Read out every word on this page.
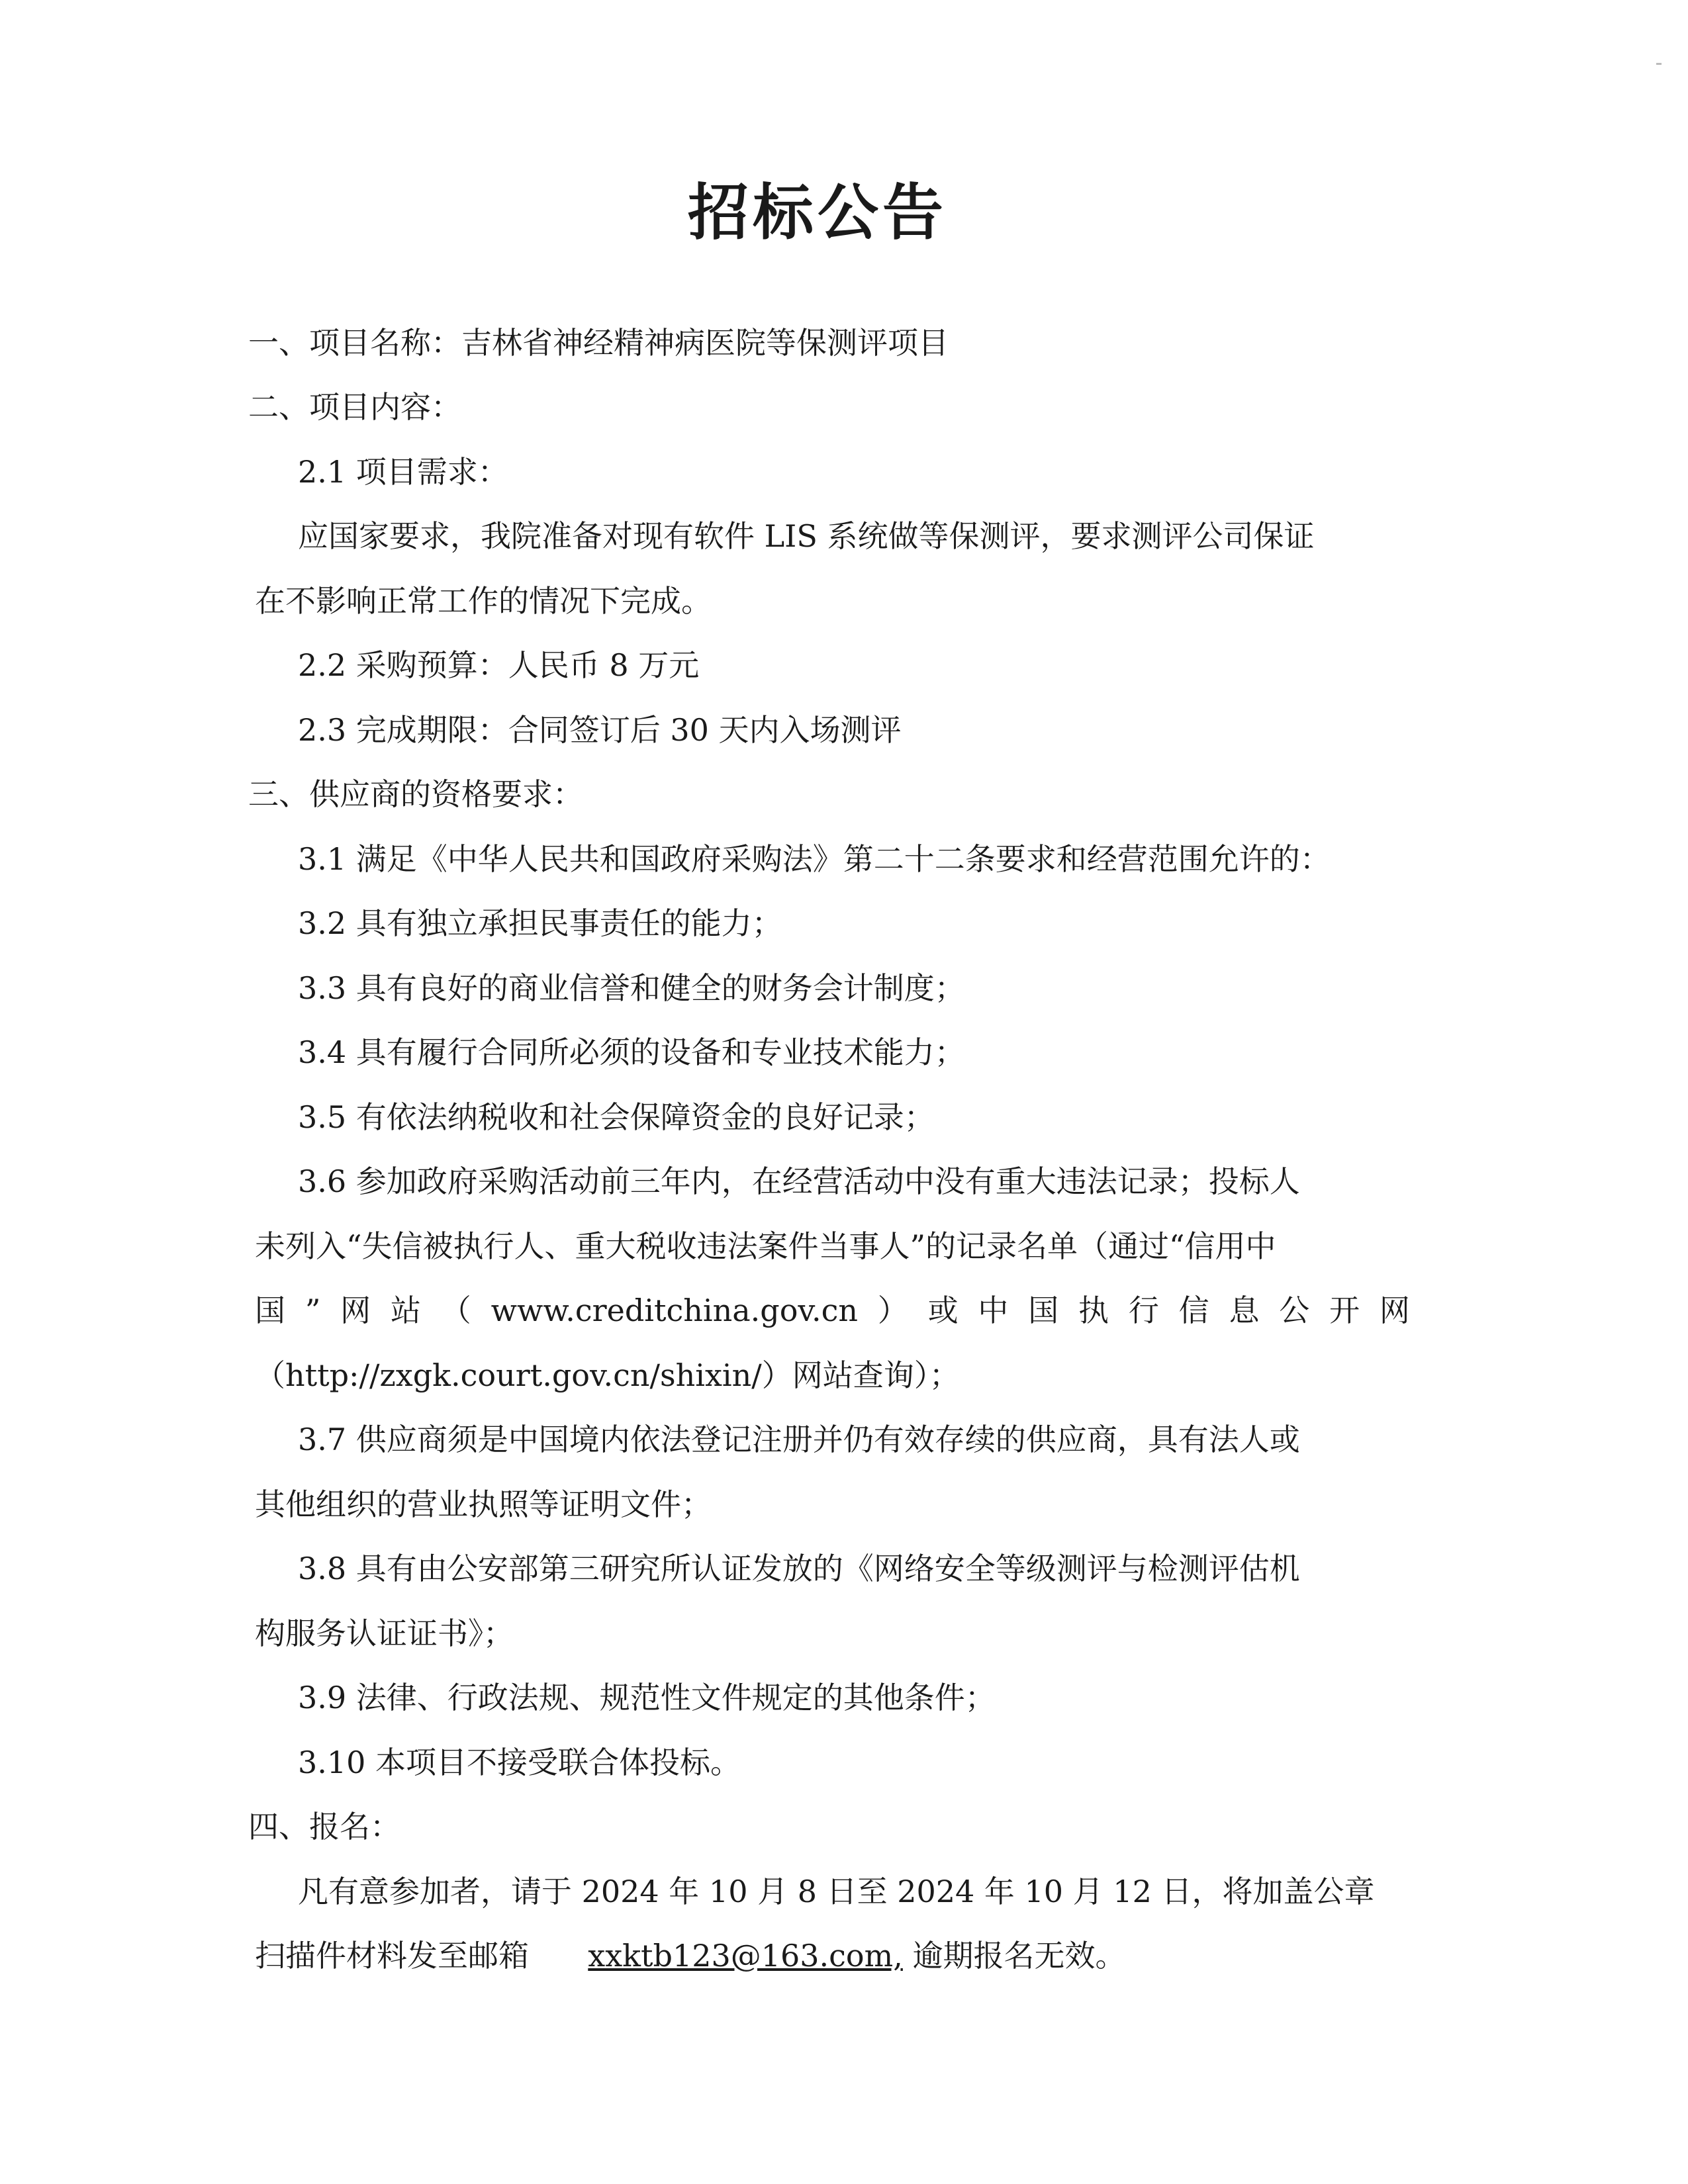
招标公告
一、项目名称：吉林省神经精神病医院等保测评项目
二、项目内容：
2.1 项目需求：
应国家要求，我院准备对现有软件 LIS 系统做等保测评，要求测评公司保证
在不影响正常工作的情况下完成。
2.2 采购预算：人民币 8 万元
2.3 完成期限：合同签订后 30 天内入场测评
三、供应商的资格要求：
3.1 满足《中华人民共和国政府采购法》第二十二条要求和经营范围允许的：
3.2 具有独立承担民事责任的能力；
3.3 具有良好的商业信誉和健全的财务会计制度；
3.4 具有履行合同所必须的设备和专业技术能力；
3.5 有依法纳税收和社会保障资金的良好记录；
3.6 参加政府采购活动前三年内，在经营活动中没有重大违法记录；投标人
未列入“失信被执行人、重大税收违法案件当事人”的记录名单（通过“信用中
国 ” 网 站 （ www.creditchina.gov.cn ） 或 中 国 执 行 信 息 公 开 网
（http://zxgk.court.gov.cn/shixin/）网站查询）；
3.7 供应商须是中国境内依法登记注册并仍有效存续的供应商，具有法人或
其他组织的营业执照等证明文件；
3.8 具有由公安部第三研究所认证发放的《网络安全等级测评与检测评估机
构服务认证证书》；
3.9 法律、行政法规、规范性文件规定的其他条件；
3.10 本项目不接受联合体投标。
四、报名：
凡有意参加者，请于 2024 年 10 月 8 日至 2024 年 10 月 12 日，将加盖公章
扫描件材料发至邮箱 xxktb123@163.com, 逾期报名无效。
